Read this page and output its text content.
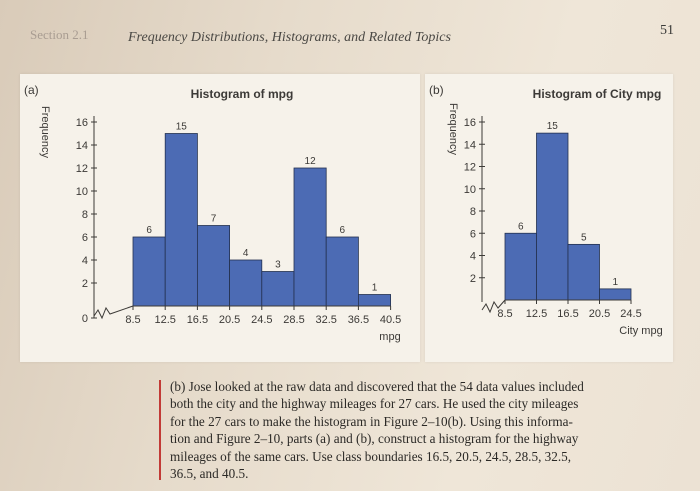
Section 2.1	Frequency Distributions, Histograms, and Related Topics	51
(a)	Histogram of mpg
0
2
4
6
8
10
12
14
16
Frequency
6
15
7
4
3
12
6
1
8.5 12.5 16.5 20.5 24.5 28.5 32.5 36.5 40.5
mpg
(b)	Histogram of City mpg
2
4
6
8
10
12
14
16
Frequency
6
15
5
1
8.5 12.5 16.5 20.5 24.5
City mpg
(b) Jose looked at the raw data and discovered that the 54 data values included
both the city and the highway mileages for 27 cars. He used the city mileages
for the 27 cars to make the histogram in Figure 2–10(b). Using this informa-
tion and Figure 2–10, parts (a) and (b), construct a histogram for the highway
mileages of the same cars. Use class boundaries 16.5, 20.5, 24.5, 28.5, 32.5,
36.5, and 40.5.
